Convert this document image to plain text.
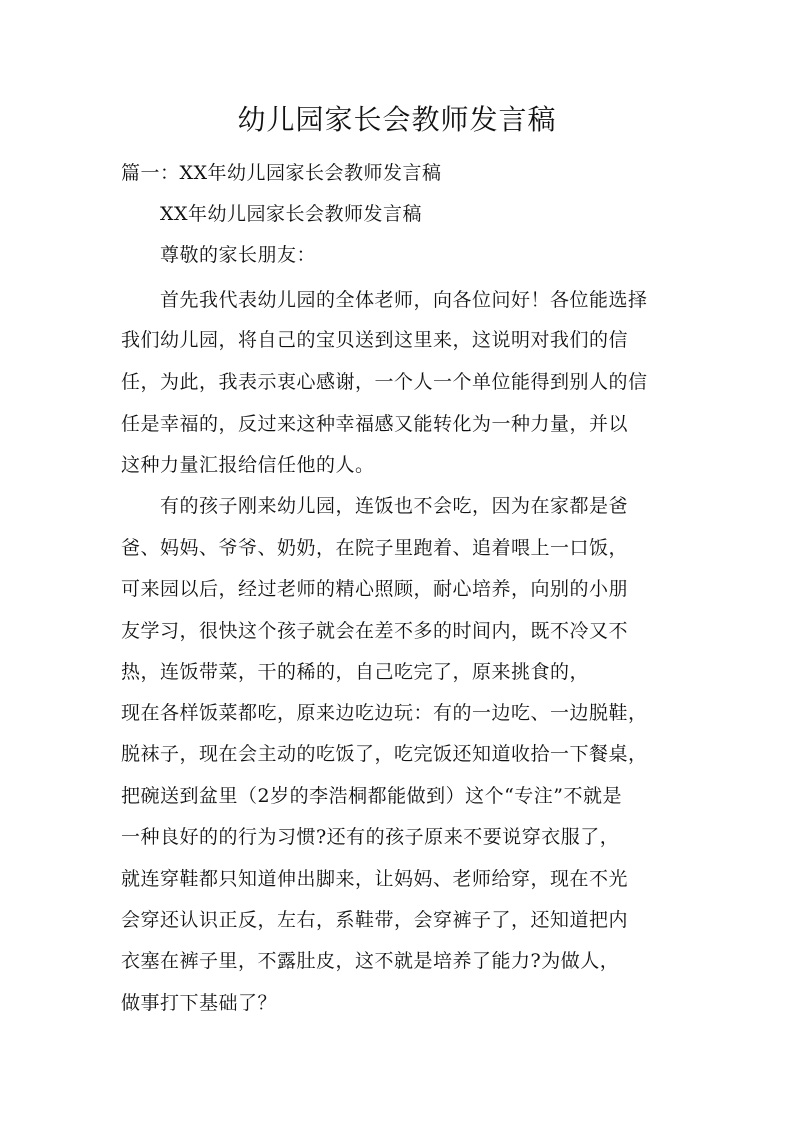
幼儿园家长会教师发言稿
篇一：XX年幼儿园家长会教师发言稿
XX年幼儿园家长会教师发言稿
尊敬的家长朋友：
首先我代表幼儿园的全体老师，向各位问好！各位能选择
我们幼儿园，将自己的宝贝送到这里来，这说明对我们的信
任，为此，我表示衷心感谢，一个人一个单位能得到别人的信
任是幸福的，反过来这种幸福感又能转化为一种力量，并以
这种力量汇报给信任他的人。
有的孩子刚来幼儿园，连饭也不会吃，因为在家都是爸
爸、妈妈、爷爷、奶奶，在院子里跑着、追着喂上一口饭，
可来园以后，经过老师的精心照顾，耐心培养，向别的小朋
友学习，很快这个孩子就会在差不多的时间内，既不冷又不
热，连饭带菜，干的稀的，自己吃完了，原来挑食的，
现在各样饭菜都吃，原来边吃边玩：有的一边吃、一边脱鞋，
脱袜子，现在会主动的吃饭了，吃完饭还知道收拾一下餐桌，
把碗送到盆里（2岁的李浩桐都能做到）这个“专注”不就是
一种良好的的行为习惯?还有的孩子原来不要说穿衣服了，
就连穿鞋都只知道伸出脚来，让妈妈、老师给穿，现在不光
会穿还认识正反，左右，系鞋带，会穿裤子了，还知道把内
衣塞在裤子里，不露肚皮，这不就是培养了能力?为做人，
做事打下基础了？
